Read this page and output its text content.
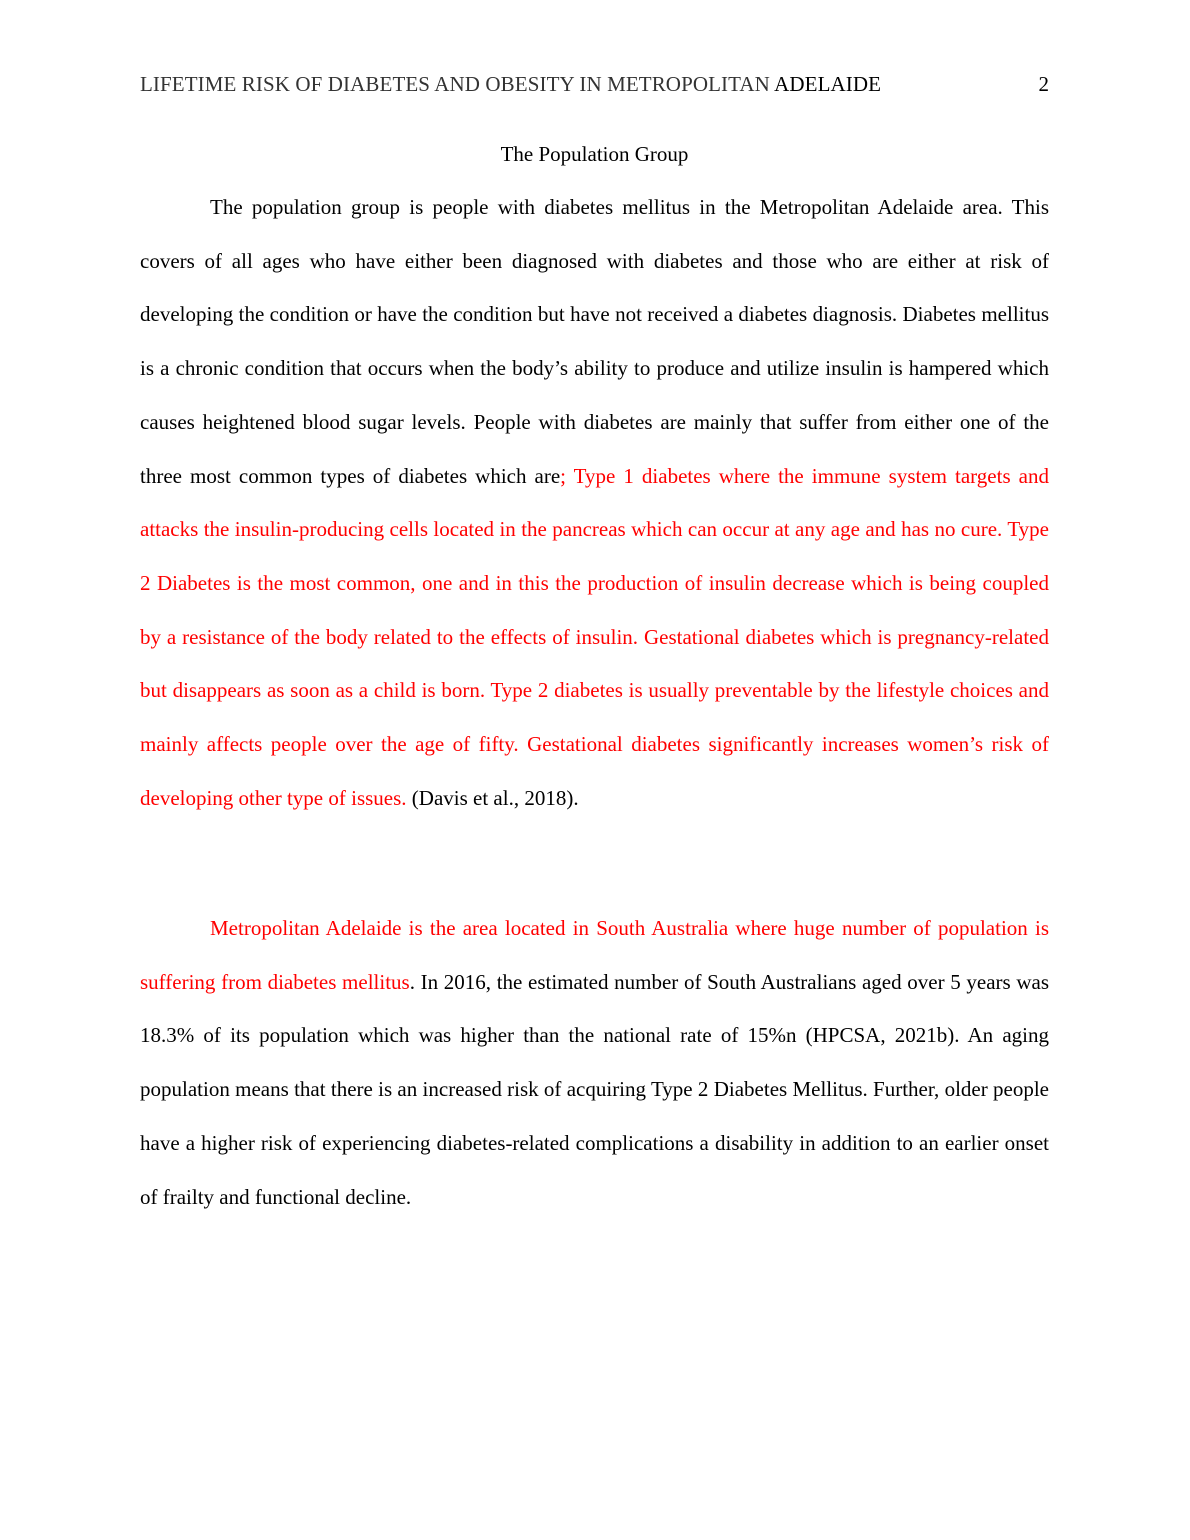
LIFETIME RISK OF DIABETES AND OBESITY IN METROPOLITAN ADELAIDE	2
The Population Group

The population group is people with diabetes mellitus in the Metropolitan Adelaide area. This covers of all ages who have either been diagnosed with diabetes and those who are either at risk of developing the condition or have the condition but have not received a diabetes diagnosis. Diabetes mellitus is a chronic condition that occurs when the body’s ability to produce and utilize insulin is hampered which causes heightened blood sugar levels. People with diabetes are mainly that suffer from either one of the three most common types of diabetes which are; Type 1 diabetes where the immune system targets and attacks the insulin-producing cells located in the pancreas which can occur at any age and has no cure. Type 2 Diabetes is the most common, one and in this the production of insulin decrease which is being coupled by a resistance of the body related to the effects of insulin. Gestational diabetes which is pregnancy-related but disappears as soon as a child is born. Type 2 diabetes is usually preventable by the lifestyle choices and mainly affects people over the age of fifty. Gestational diabetes significantly increases women’s risk of developing other type of issues. (Davis et al., 2018).

Metropolitan Adelaide is the area located in South Australia where huge number of population is suffering from diabetes mellitus. In 2016, the estimated number of South Australians aged over 5 years was 18.3% of its population which was higher than the national rate of 15%n (HPCSA, 2021b). An aging population means that there is an increased risk of acquiring Type 2 Diabetes Mellitus. Further, older people have a higher risk of experiencing diabetes-related complications a disability in addition to an earlier onset of frailty and functional decline.
